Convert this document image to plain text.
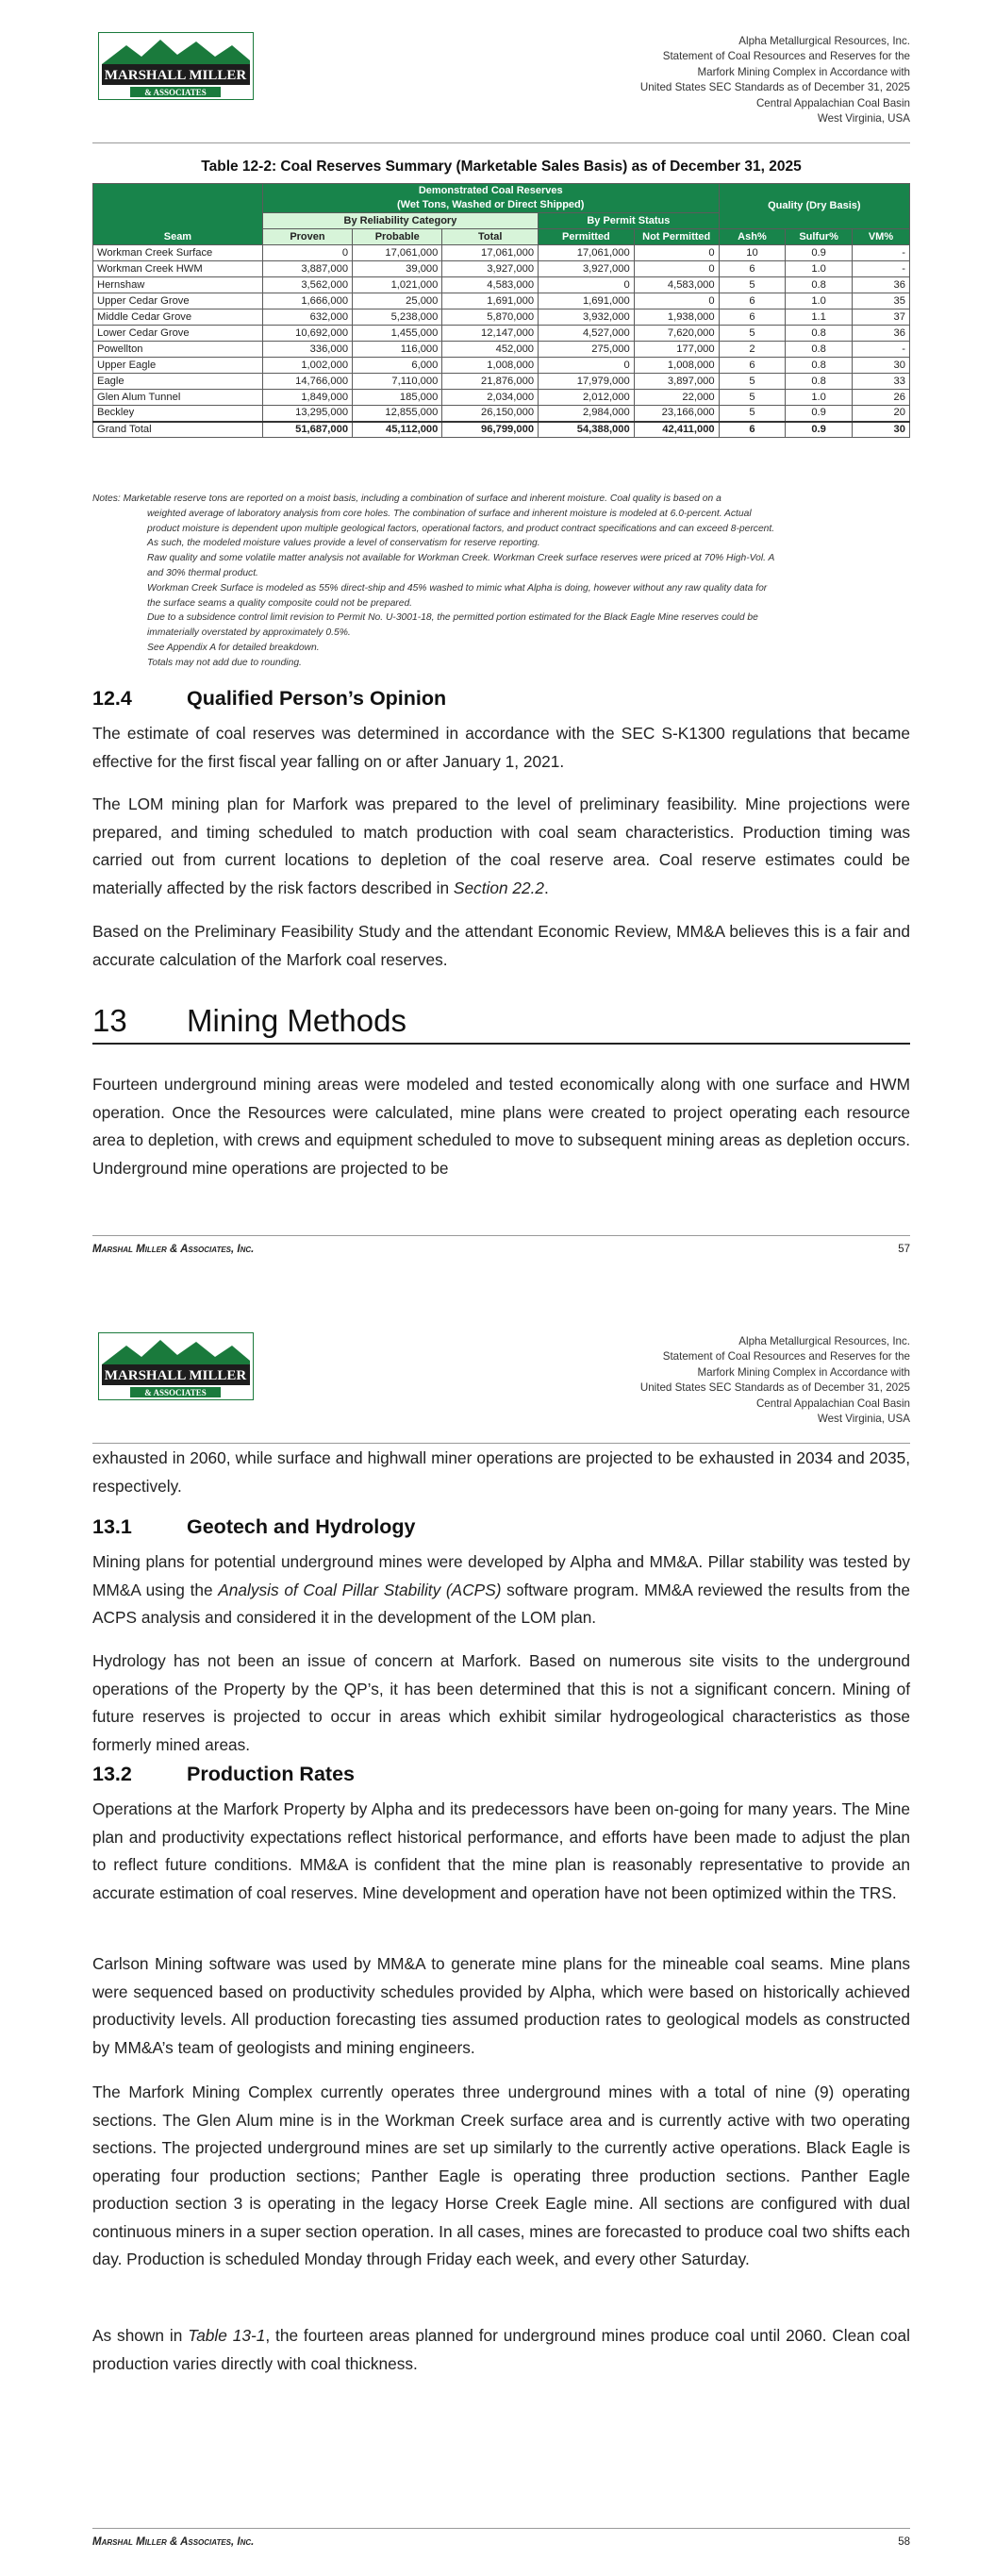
MARSHALL MILLER
& ASSOCIATES
Alpha Metallurgical Resources, Inc.
Statement of Coal Resources and Reserves for the
Marfork Mining Complex in Accordance with
United States SEC Standards as of December 31, 2025
Central Appalachian Coal Basin
West Virginia, USA
Table 12-2: Coal Reserves Summary (Marketable Sales Basis) as of December 31, 2025
Seam	Demonstrated Coal Reserves
(Wet Tons, Washed or Direct Shipped)					Quality (Dry Basis)		
	By Reliability Category			By Permit Status				
	Proven	Probable	Total	Permitted	Not Permitted	Ash%	Sulfur%	VM%
Workman Creek Surface	0	17,061,000	17,061,000	17,061,000	0	10	0.9	-
Workman Creek HWM	3,887,000	39,000	3,927,000	3,927,000	0	6	1.0	-
Hernshaw	3,562,000	1,021,000	4,583,000	0	4,583,000	5	0.8	36
Upper Cedar Grove	1,666,000	25,000	1,691,000	1,691,000	0	6	1.0	35
Middle Cedar Grove	632,000	5,238,000	5,870,000	3,932,000	1,938,000	6	1.1	37
Lower Cedar Grove	10,692,000	1,455,000	12,147,000	4,527,000	7,620,000	5	0.8	36
Powellton	336,000	116,000	452,000	275,000	177,000	2	0.8	-
Upper Eagle	1,002,000	6,000	1,008,000	0	1,008,000	6	0.8	30
Eagle	14,766,000	7,110,000	21,876,000	17,979,000	3,897,000	5	0.8	33
Glen Alum Tunnel	1,849,000	185,000	2,034,000	2,012,000	22,000	5	1.0	26
Beckley	13,295,000	12,855,000	26,150,000	2,984,000	23,166,000	5	0.9	20
Grand Total	51,687,000	45,112,000	96,799,000	54,388,000	42,411,000	6	0.9	30
Notes: Marketable reserve tons are reported on a moist basis, including a combination of surface and inherent moisture. Coal quality is based on a
weighted average of laboratory analysis from core holes. The combination of surface and inherent moisture is modeled at 6.0-percent. Actual
product moisture is dependent upon multiple geological factors, operational factors, and product contract specifications and can exceed 8-percent.
As such, the modeled moisture values provide a level of conservatism for reserve reporting.
Raw quality and some volatile matter analysis not available for Workman Creek. Workman Creek surface reserves were priced at 70% High-Vol. A
and 30% thermal product.
Workman Creek Surface is modeled as 55% direct-ship and 45% washed to mimic what Alpha is doing, however without any raw quality data for
the surface seams a quality composite could not be prepared.
Due to a subsidence control limit revision to Permit No. U-3001-18, the permitted portion estimated for the Black Eagle Mine reserves could be
immaterially overstated by approximately 0.5%.
See Appendix A for detailed breakdown.
Totals may not add due to rounding.
12.4	Qualified Person’s Opinion

The estimate of coal reserves was determined in accordance with the SEC S-K1300 regulations that became effective for the first fiscal year falling on or after January 1, 2021.

The LOM mining plan for Marfork was prepared to the level of preliminary feasibility. Mine projections were prepared, and timing scheduled to match production with coal seam characteristics. Production timing was carried out from current locations to depletion of the coal reserve area. Coal reserve estimates could be materially affected by the risk factors described in Section 22.2.

Based on the Preliminary Feasibility Study and the attendant Economic Review, MM&A believes this is a fair and accurate calculation of the Marfork coal reserves.

13 Mining Methods

Fourteen underground mining areas were modeled and tested economically along with one surface and HWM operation. Once the Resources were calculated, mine plans were created to project operating each resource area to depletion, with crews and equipment scheduled to move to subsequent mining areas as depletion occurs. Underground mine operations are projected to be

Marshal Miller & Associates, Inc.	57
MARSHALL MILLER
& ASSOCIATES
Alpha Metallurgical Resources, Inc.
Statement of Coal Resources and Reserves for the
Marfork Mining Complex in Accordance with
United States SEC Standards as of December 31, 2025
Central Appalachian Coal Basin
West Virginia, USA

exhausted in 2060, while surface and highwall miner operations are projected to be exhausted in 2034 and 2035, respectively.

13.1	Geotech and Hydrology

Mining plans for potential underground mines were developed by Alpha and MM&A. Pillar stability was tested by MM&A using the Analysis of Coal Pillar Stability (ACPS) software program. MM&A reviewed the results from the ACPS analysis and considered it in the development of the LOM plan.

Hydrology has not been an issue of concern at Marfork. Based on numerous site visits to the underground operations of the Property by the QP’s, it has been determined that this is not a significant concern. Mining of future reserves is projected to occur in areas which exhibit similar hydrogeological characteristics as those formerly mined areas.

13.2	Production Rates

Operations at the Marfork Property by Alpha and its predecessors have been on-going for many years. The Mine plan and productivity expectations reflect historical performance, and efforts have been made to adjust the plan to reflect future conditions. MM&A is confident that the mine plan is reasonably representative to provide an accurate estimation of coal reserves. Mine development and operation have not been optimized within the TRS.

Carlson Mining software was used by MM&A to generate mine plans for the mineable coal seams. Mine plans were sequenced based on productivity schedules provided by Alpha, which were based on historically achieved productivity levels. All production forecasting ties assumed production rates to geological models as constructed by MM&A’s team of geologists and mining engineers.

The Marfork Mining Complex currently operates three underground mines with a total of nine (9) operating sections. The Glen Alum mine is in the Workman Creek surface area and is currently active with two operating sections. The projected underground mines are set up similarly to the currently active operations. Black Eagle is operating four production sections; Panther Eagle is operating three production sections. Panther Eagle production section 3 is operating in the legacy Horse Creek Eagle mine. All sections are configured with dual continuous miners in a super section operation. In all cases, mines are forecasted to produce coal two shifts each day. Production is scheduled Monday through Friday each week, and every other Saturday.

As shown in Table 13-1, the fourteen areas planned for underground mines produce coal until 2060. Clean coal production varies directly with coal thickness.

Marshal Miller & Associates, Inc.	58
